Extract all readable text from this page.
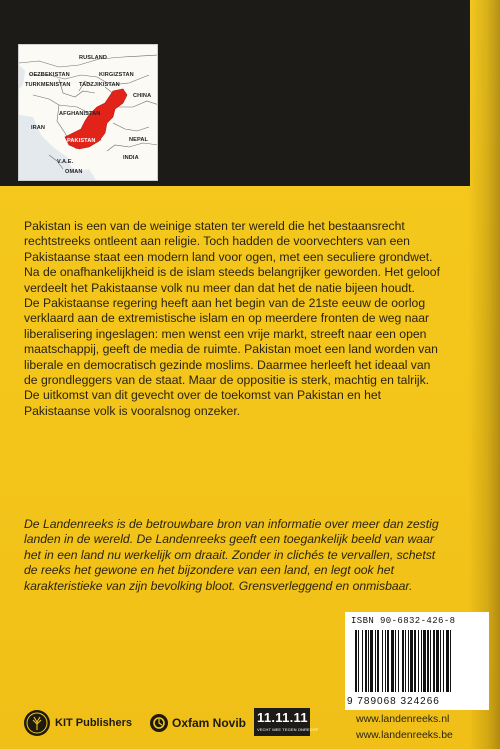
RUSLAND
OEZBEKISTAN	KIRGIZSTAN
TURKMENISTAN TADZJIKISTAN
CHINA
AFGHANISTAN
IRAN
PAKISTAN	NEPAL
V.A.E.
INDIA
OMAN

Pakistan is een van de weinige staten ter wereld die het bestaansrecht rechtstreeks ontleent aan religie. Toch hadden de voorvechters van een Pakistaanse staat een modern land voor ogen, met een seculiere grondwet.

Na de onafhankelijkheid is de islam steeds belangrijker geworden. Het geloof verdeelt het Pakistaanse volk nu meer dan dat het de natie bijeen houdt.

De Pakistaanse regering heeft aan het begin van de 21ste eeuw de oorlog verklaard aan de extremistische islam en op meerdere fronten de weg naar liberalisering ingeslagen: men wenst een vrije markt, streeft naar een open maatschappij, geeft de media de ruimte. Pakistan moet een land worden van liberale en democratisch gezinde moslims. Daarmee herleeft het ideaal van de grondleggers van de staat. Maar de oppositie is sterk, machtig en talrijk.

De uitkomst van dit gevecht over de toekomst van Pakistan en het Pakistaanse volk is vooralsnog onzeker.

De Landenreeks is de betrouwbare bron van informatie over meer dan zestig landen in de wereld. De Landenreeks geeft een toegankelijk beeld van waar het in een land nu werkelijk om draait. Zonder in clichés te vervallen, schetst de reeks het gewone en het bijzondere van een land, en legt ook het karakteristieke van zijn bevolking bloot. Grensverleggend en onmisbaar.
ISBN 90-6832-426-8
9 789068 324266
www.landenreeks.nl
www.landenreeks.be
KIT Publishers	Oxfam Novib 11.11.11
VECHT MEE TEGEN ONRECHT
